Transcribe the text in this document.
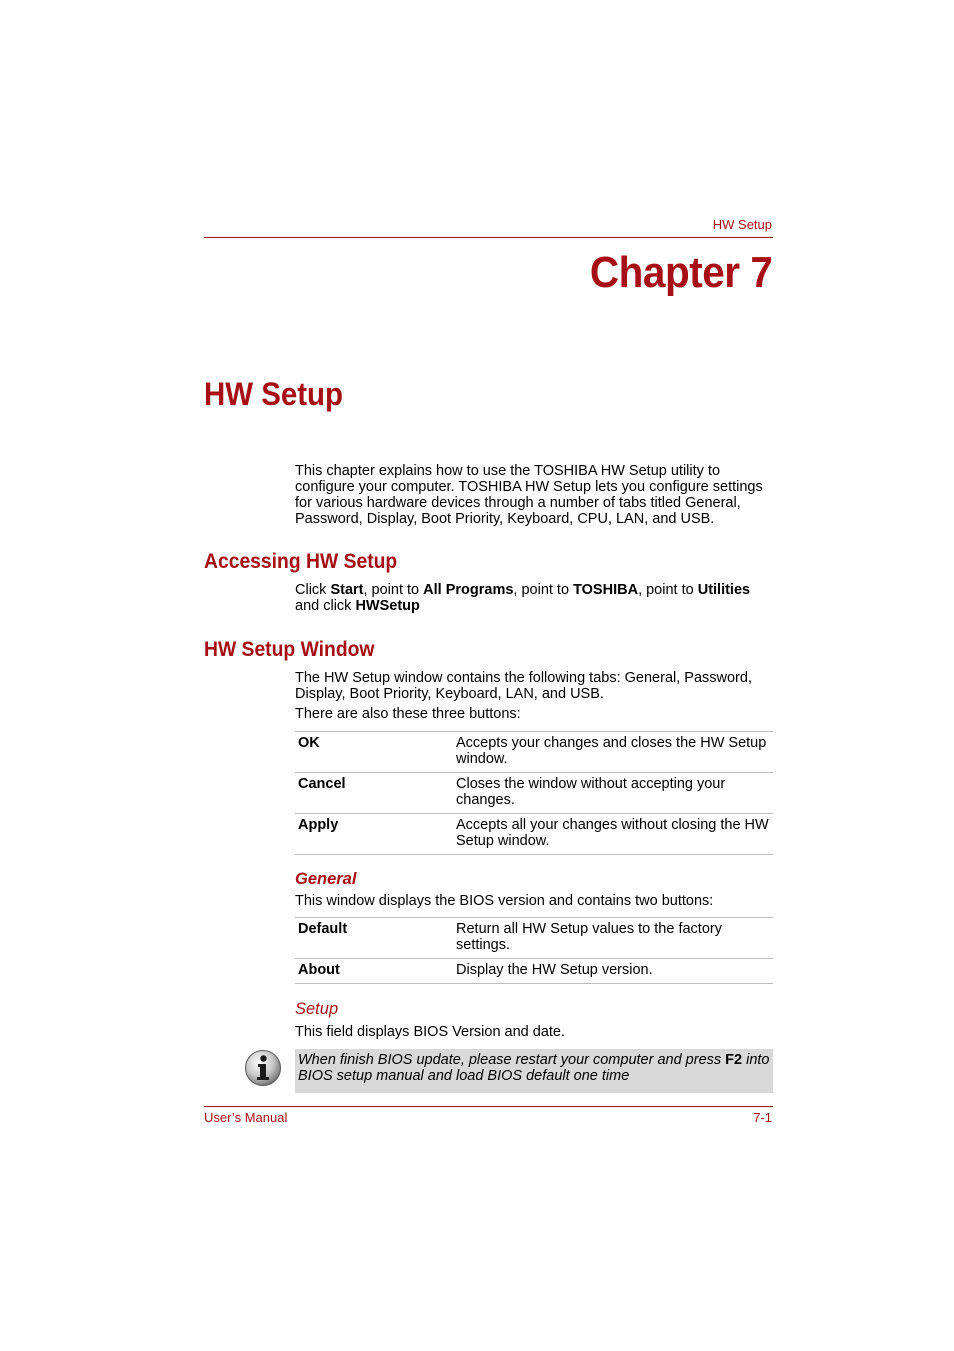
HW Setup
Chapter 7
HW Setup
This chapter explains how to use the TOSHIBA HW Setup utility to configure your computer. TOSHIBA HW Setup lets you configure settings for various hardware devices through a number of tabs titled General, Password, Display, Boot Priority, Keyboard, CPU, LAN, and USB.
Accessing HW Setup
Click Start, point to All Programs, point to TOSHIBA, point to Utilities and click HWSetup
HW Setup Window
The HW Setup window contains the following tabs: General, Password, Display, Boot Priority, Keyboard, LAN, and USB.
There are also these three buttons:
OK	Accepts your changes and closes the HW Setup window.
Cancel	Closes the window without accepting your changes.
Apply	Accepts all your changes without closing the HW Setup window.
General
This window displays the BIOS version and contains two buttons:
Default	Return all HW Setup values to the factory settings.
About	Display the HW Setup version.
Setup
This field displays BIOS Version and date.
When finish BIOS update, please restart your computer and press F2 into BIOS setup manual and load BIOS default one time
User’s Manual	7-1
